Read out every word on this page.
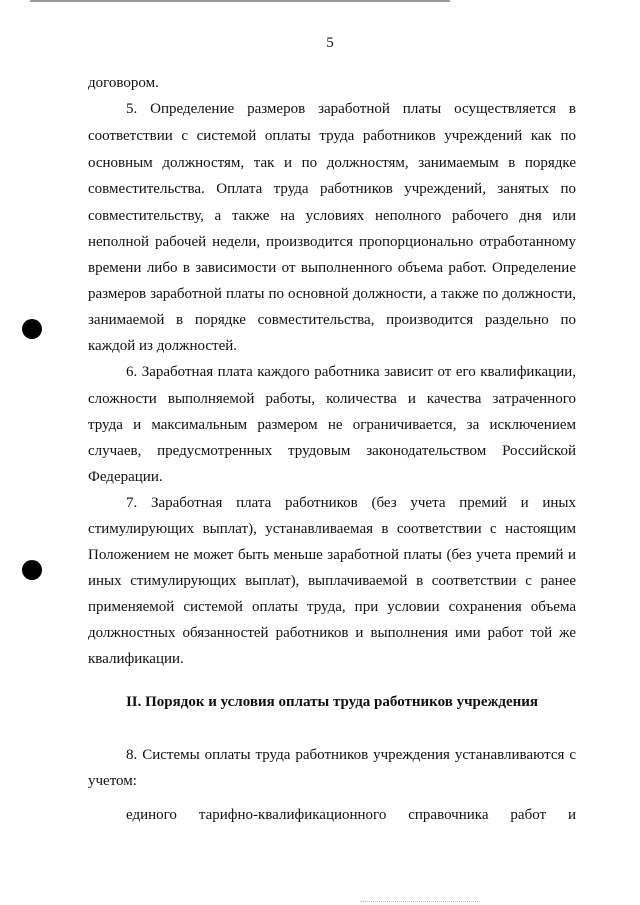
5
договором.
5. Определение размеров заработной платы осуществляется в
соответствии с системой оплаты труда работников учреждений как по
основным должностям, так и по должностям, занимаемым в порядке
совместительства. Оплата труда работников учреждений, занятых по
совместительству, а также на условиях неполного рабочего дня или
неполной рабочей недели, производится пропорционально отработанному
времени либо в зависимости от выполненного объема работ. Определение
размеров заработной платы по основной должности, а также по должности,
занимаемой в порядке совместительства, производится раздельно по
каждой из должностей.
6. Заработная плата каждого работника зависит от его квалификации,
сложности выполняемой работы, количества и качества затраченного
труда и максимальным размером не ограничивается, за исключением
случаев, предусмотренных трудовым законодательством Российской
Федерации.
7. Заработная плата работников (без учета премий и иных
стимулирующих выплат), устанавливаемая в соответствии с настоящим
Положением не может быть меньше заработной платы (без учета премий и
иных стимулирующих выплат), выплачиваемой в соответствии с ранее
применяемой системой оплаты труда, при условии сохранения объема
должностных обязанностей работников и выполнения ими работ той же
квалификации.
II. Порядок и условия оплаты труда работников учреждения
8. Системы оплаты труда работников учреждения устанавливаются с
учетом:
единого тарифно-квалификационного справочника работ и
